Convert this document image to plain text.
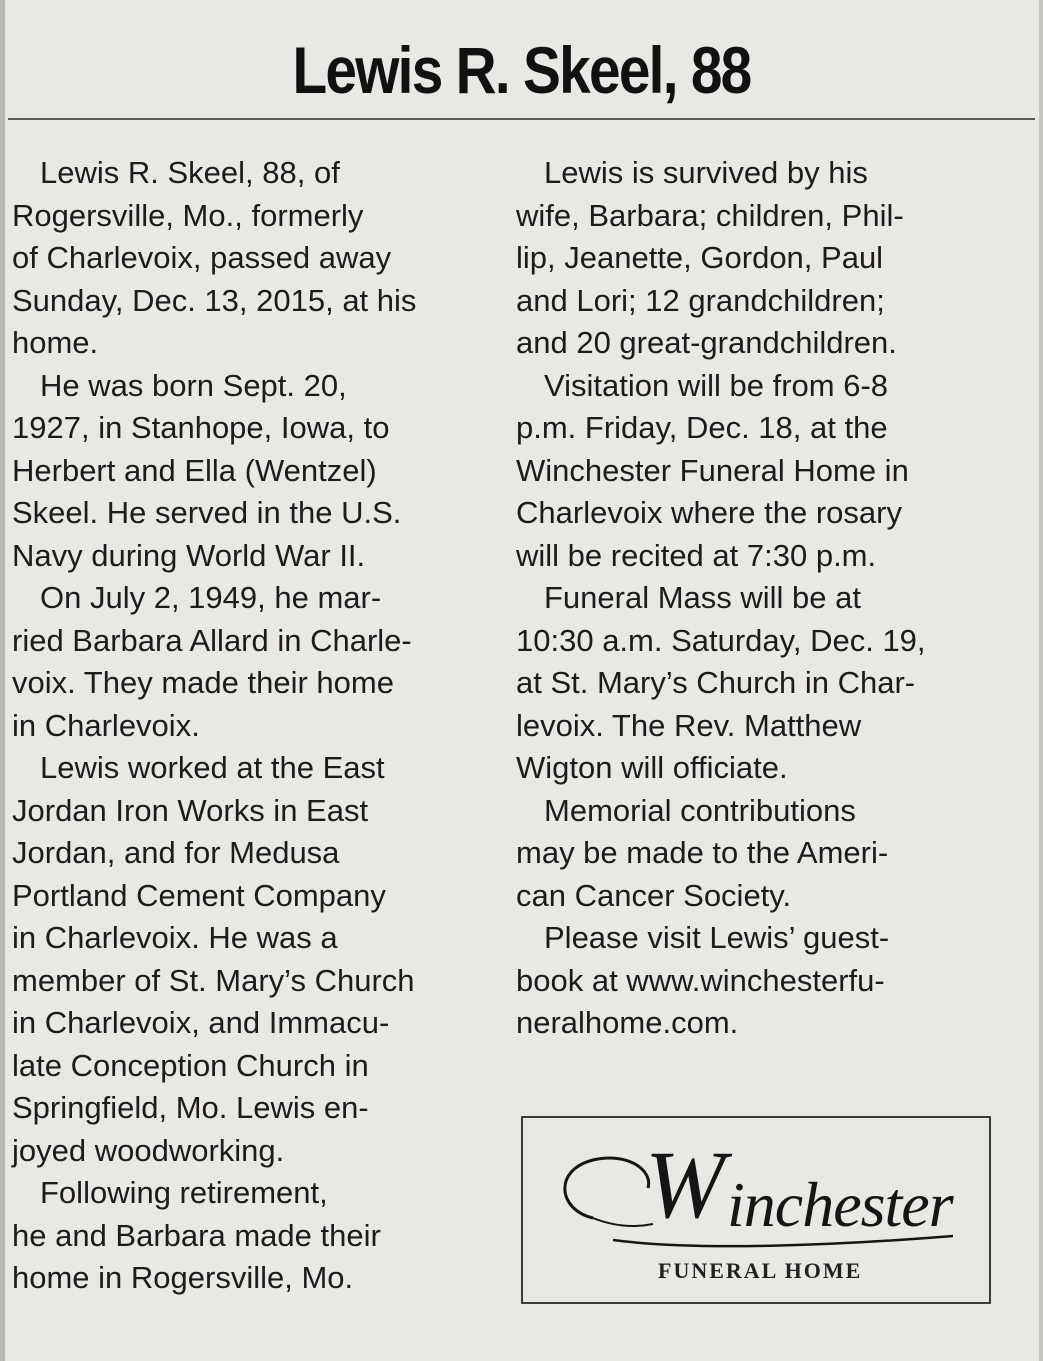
Lewis R. Skeel, 88
Lewis R. Skeel, 88, of
Rogersville, Mo., formerly
of Charlevoix, passed away
Sunday, Dec. 13, 2015, at his
home.
He was born Sept. 20,
1927, in Stanhope, Iowa, to
Herbert and Ella (Wentzel)
Skeel. He served in the U.S.
Navy during World War II.
On July 2, 1949, he mar-
ried Barbara Allard in Charle-
voix. They made their home
in Charlevoix.
Lewis worked at the East
Jordan Iron Works in East
Jordan, and for Medusa
Portland Cement Company
in Charlevoix. He was a
member of St. Mary’s Church
in Charlevoix, and Immacu-
late Conception Church in
Springfield, Mo. Lewis en-
joyed woodworking.
Following retirement,
he and Barbara made their
home in Rogersville, Mo.
Lewis is survived by his
wife, Barbara; children, Phil-
lip, Jeanette, Gordon, Paul
and Lori; 12 grandchildren;
and 20 great-grandchildren.
Visitation will be from 6-8
p.m. Friday, Dec. 18, at the
Winchester Funeral Home in
Charlevoix where the rosary
will be recited at 7:30 p.m.
Funeral Mass will be at
10:30 a.m. Saturday, Dec. 19,
at St. Mary’s Church in Char-
levoix. The Rev. Matthew
Wigton will officiate.
Memorial contributions
may be made to the Ameri-
can Cancer Society.
Please visit Lewis’ guest-
book at www.winchesterfu-
neralhome.com.
W inchester
FUNERAL HOME
